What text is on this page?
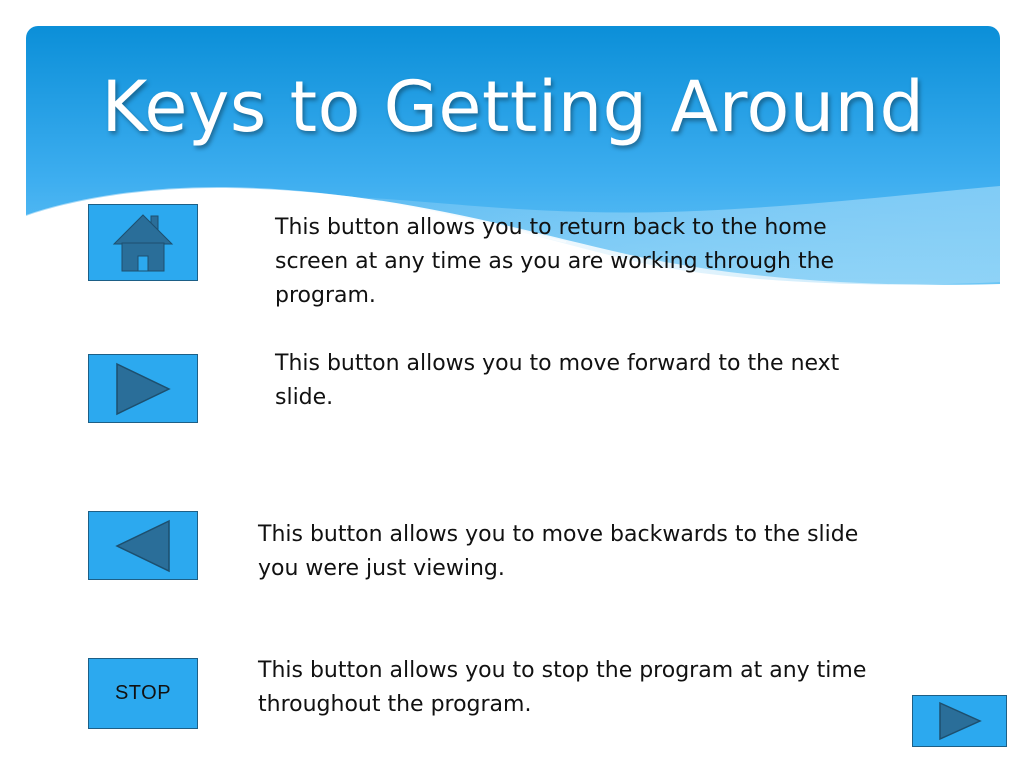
Keys to Getting Around
This button allows you to return back to the home screen at any time as you are working through the program.
This button allows you to move forward to the next slide.
This button allows you to move backwards to the slide you were just viewing.
STOP
This button allows you to stop the program at any time throughout the program.
